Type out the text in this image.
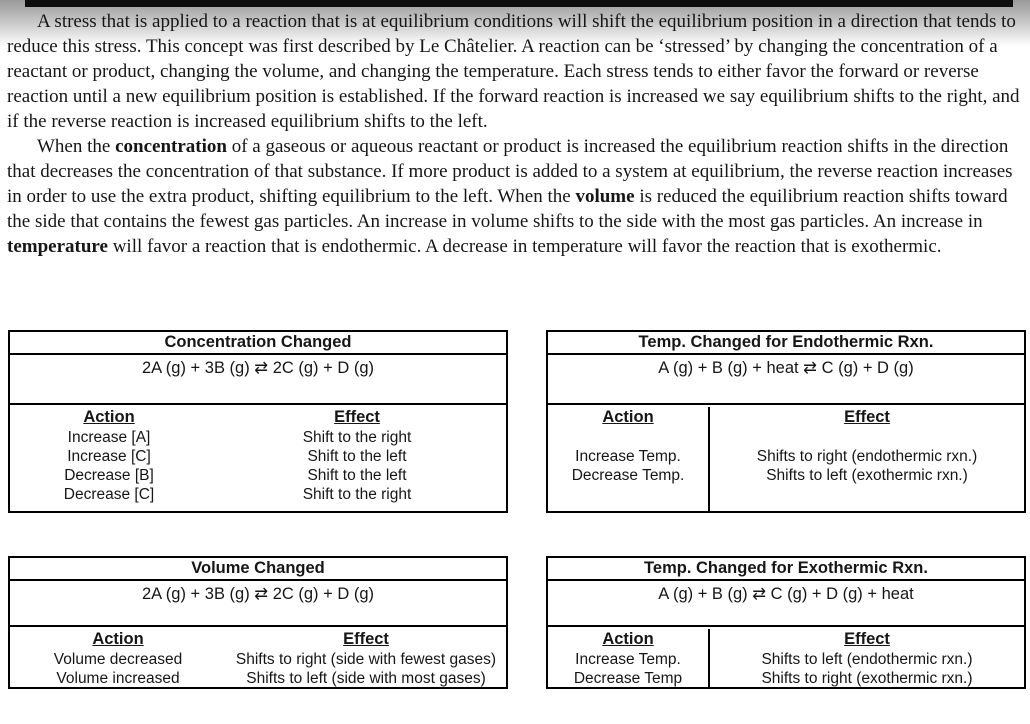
A stress that is applied to a reaction that is at equilibrium conditions will shift the equilibrium position in a direction that tends to reduce this stress. This concept was first described by Le Châtelier. A reaction can be ‘stressed’ by changing the concentration of a reactant or product, changing the volume, and changing the temperature. Each stress tends to either favor the forward or reverse reaction until a new equilibrium position is established. If the forward reaction is increased we say equilibrium shifts to the right, and if the reverse reaction is increased equilibrium shifts to the left.

When the concentration of a gaseous or aqueous reactant or product is increased the equilibrium reaction shifts in the direction that decreases the concentration of that substance. If more product is added to a system at equilibrium, the reverse reaction increases in order to use the extra product, shifting equilibrium to the left. When the volume is reduced the equilibrium reaction shifts toward the side that contains the fewest gas particles. An increase in volume shifts to the side with the most gas particles. An increase in temperature will favor a reaction that is endothermic. A decrease in temperature will favor the reaction that is exothermic.

Concentration Changed
2A (g) + 3B (g) ⇄ 2C (g) + D (g)
Action
Increase [A]
Increase [C]
Decrease [B]
Decrease [C]
Effect
Shift to the right
Shift to the left
Shift to the left
Shift to the right
Temp. Changed for Endothermic Rxn.
A (g) + B (g) + heat ⇄ C (g) + D (g)
Action
Increase Temp.
Decrease Temp.
Effect
Shifts to right (endothermic rxn.)
Shifts to left (exothermic rxn.)
Volume Changed
2A (g) + 3B (g) ⇄ 2C (g) + D (g)
Action
Volume decreased
Volume increased
Effect
Shifts to right (side with fewest gases)
Shifts to left (side with most gases)
Temp. Changed for Exothermic Rxn.
A (g) + B (g) ⇄ C (g) + D (g) + heat
Action
Increase Temp.
Decrease Temp
Effect
Shifts to left (endothermic rxn.)
Shifts to right (exothermic rxn.)
